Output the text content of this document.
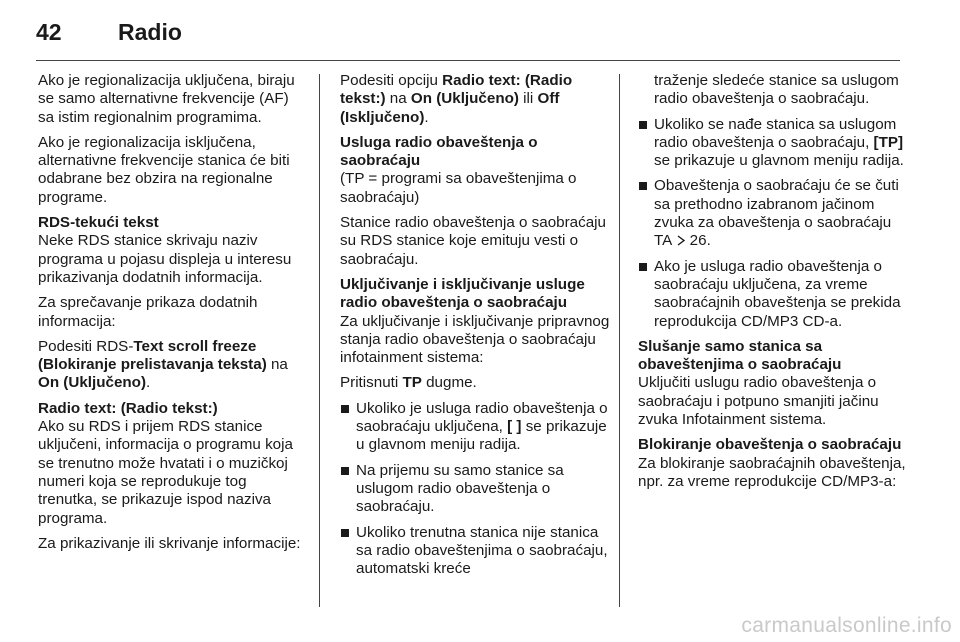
42 Radio

Ako je regionalizacija uključena, biraju se samo alternativne frekvencije (AF) sa istim regionalnim programima.

Ako je regionalizacija isključena, alternativne frekvencije stanica će biti odabrane bez obzira na regionalne programe.

RDS-tekući tekst

Neke RDS stanice skrivaju naziv programa u pojasu displeja u interesu prikazivanja dodatnih informacija.

Za sprečavanje prikaza dodatnih informacija:

Podesiti RDS-Text scroll freeze (Blokiranje prelistavanja teksta) na On (Uključeno).

Radio text: (Radio tekst:)

Ako su RDS i prijem RDS stanice uključeni, informacija o programu koja se trenutno može hvatati i o muzičkoj numeri koja se reprodukuje tog trenutka, se prikazuje ispod naziva programa.

Za prikazivanje ili skrivanje informacije:

Podesiti opciju Radio text: (Radio tekst:) na On (Uključeno) ili Off (Isključeno).

Usluga radio obaveštenja o saobraćaju

(TP = programi sa obaveštenjima o saobraćaju)

Stanice radio obaveštenja o saobraćaju su RDS stanice koje emituju vesti o saobraćaju.

Uključivanje i isključivanje usluge radio obaveštenja o saobraćaju

Za uključivanje i isključivanje pripravnog stanja radio obaveštenja o saobraćaju infotainment sistema:

Pritisnuti TP dugme.

Ukoliko je usluga radio obaveštenja o saobraćaju uključena, [ ] se prikazuje u glavnom meniju radija.
Na prijemu su samo stanice sa uslugom radio obaveštenja o saobraćaju.
Ukoliko trenutna stanica nije stanica sa radio obaveštenjima o saobraćaju, automatski kreće
traženje sledeće stanice sa uslugom radio obaveštenja o saobraćaju.
Ukoliko se nađe stanica sa uslugom radio obaveštenja o saobraćaju, [TP] se prikazuje u glavnom meniju radija.
Obaveštenja o saobraćaju će se čuti sa prethodno izabranom jačinom zvuka za obaveštenja o saobraćaju TA 26.
Ako je usluga radio obaveštenja o saobraćaju uključena, za vreme saobraćajnih obaveštenja se prekida reprodukcija CD/MP3 CD-a.
Slušanje samo stanica sa obaveštenjima o saobraćaju

Uključiti uslugu radio obaveštenja o saobraćaju i potpuno smanjiti jačinu zvuka Infotainment sistema.

Blokiranje obaveštenja o saobraćaju

Za blokiranje saobraćajnih obaveštenja, npr. za vreme reprodukcije CD/MP3-a:

carmanualsonline.info
